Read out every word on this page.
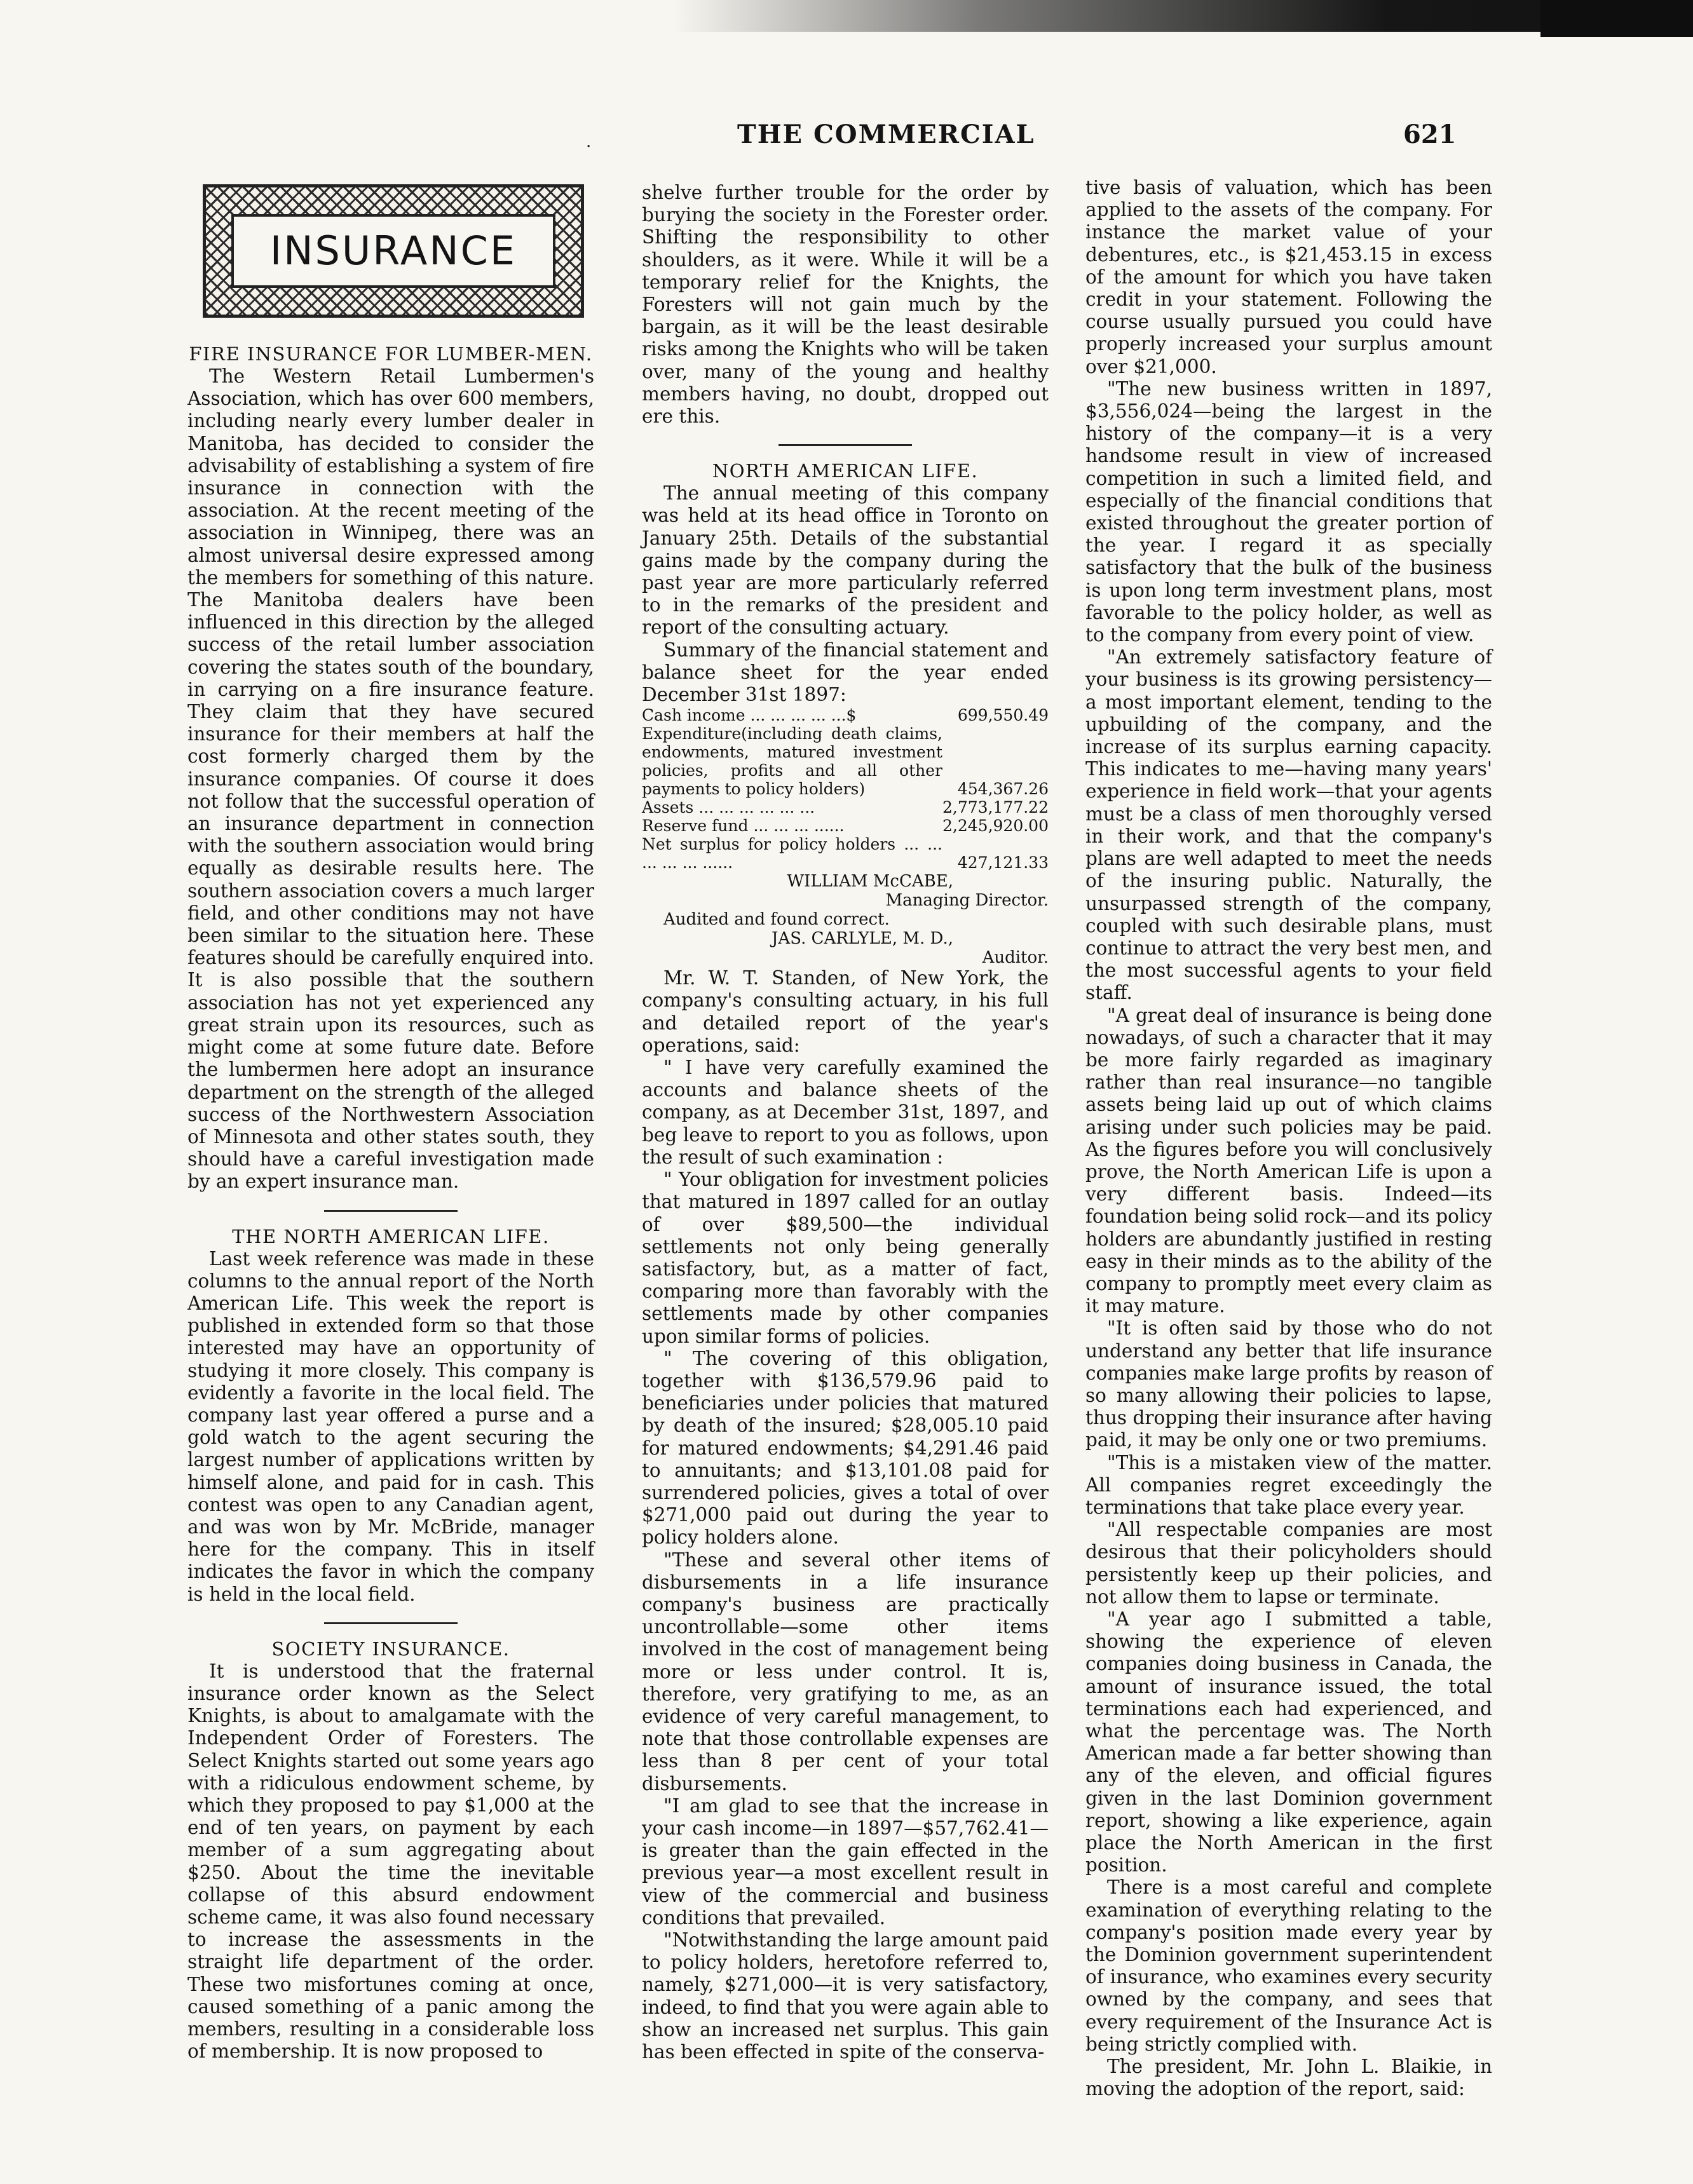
·	THE COMMERCIAL	621
INSURANCE
FIRE INSURANCE FOR LUMBER-MEN.

The Western Retail Lumbermen's Association, which has over 600 members, including nearly every lumber dealer in Manitoba, has decided to consider the advisability of establishing a system of fire insurance in connection with the association. At the recent meeting of the association in Winnipeg, there was an almost universal desire expressed among the members for something of this nature. The Manitoba dealers have been influenced in this direction by the alleged success of the retail lumber association covering the states south of the boundary, in carrying on a fire insurance feature. They claim that they have secured insurance for their members at half the cost formerly charged them by the insurance companies. Of course it does not follow that the successful operation of an insurance department in connection with the southern association would bring equally as desirable results here. The southern association covers a much larger field, and other conditions may not have been similar to the situation here. These features should be carefully enquired into. It is also possible that the southern association has not yet experienced any great strain upon its resources, such as might come at some future date. Before the lumbermen here adopt an insurance department on the strength of the alleged success of the Northwestern Association of Minnesota and other states south, they should have a careful investigation made by an expert insurance man.

THE NORTH AMERICAN LIFE.

Last week reference was made in these columns to the annual report of the North American Life. This week the report is published in extended form so that those interested may have an opportunity of studying it more closely. This company is evidently a favorite in the local field. The company last year offered a purse and a gold watch to the agent securing the largest number of applications written by himself alone, and paid for in cash. This contest was open to any Canadian agent, and was won by Mr. McBride, manager here for the company. This in itself indicates the favor in which the company is held in the local field.

SOCIETY INSURANCE.

It is understood that the fraternal insurance order known as the Select Knights, is about to amalgamate with the Independent Order of Foresters. The Select Knights started out some years ago with a ridiculous endowment scheme, by which they proposed to pay $1,000 at the end of ten years, on payment by each member of a sum aggregating about $250. About the time the inevitable collapse of this absurd endowment scheme came, it was also found necessary to increase the assessments in the straight life department of the order. These two misfortunes coming at once, caused something of a panic among the members, resulting in a considerable loss of membership. It is now proposed to

shelve further trouble for the order by burying the society in the Forester order. Shifting the responsibility to other shoulders, as it were. While it will be a temporary relief for the Knights, the Foresters will not gain much by the bargain, as it will be the least desirable risks among the Knights who will be taken over, many of the young and healthy members having, no doubt, dropped out ere this.

NORTH AMERICAN LIFE.

The annual meeting of this company was held at its head office in Toronto on January 25th. Details of the substantial gains made by the company during the past year are more particularly referred to in the remarks of the president and report of the consulting actuary.

Summary of the financial statement and balance sheet for the year ended December 31st 1897:

Cash income ... ... ... ... ...$	699,550.49
Expenditure(including death claims, endowments, matured investment policies, profits and all other payments to policy holders)	454,367.26
Assets ... ... ... ... ... ...	2,773,177.22
Reserve fund ... ... ... ......	2,245,920.00
Net surplus for policy holders ... ... ... ... ... ......	427,121.33
WILLIAM McCABE,
Managing Director.
Audited and found correct.
JAS. CARLYLE, M. D.,
Auditor.

Mr. W. T. Standen, of New York, the company's consulting actuary, in his full and detailed report of the year's operations, said:

" I have very carefully examined the accounts and balance sheets of the company, as at December 31st, 1897, and beg leave to report to you as follows, upon the result of such examination :

" Your obligation for investment policies that matured in 1897 called for an outlay of over $89,500—the individual settlements not only being generally satisfactory, but, as a matter of fact, comparing more than favorably with the settlements made by other companies upon similar forms of policies.

" The covering of this obligation, together with $136,579.96 paid to beneficiaries under policies that matured by death of the insured; $28,005.10 paid for matured endowments; $4,291.46 paid to annuitants; and $13,101.08 paid for surrendered policies, gives a total of over $271,000 paid out during the year to policy holders alone.

"These and several other items of disbursements in a life insurance company's business are practically uncontrollable—some other items involved in the cost of management being more or less under control. It is, therefore, very gratifying to me, as an evidence of very careful management, to note that those controllable expenses are less than 8 per cent of your total disbursements.

"I am glad to see that the increase in your cash income—in 1897—$57,762.41—is greater than the gain effected in the previous year—a most excellent result in view of the commercial and business conditions that prevailed.

"Notwithstanding the large amount paid to policy holders, heretofore referred to, namely, $271,000—it is very satisfactory, indeed, to find that you were again able to show an increased net surplus. This gain has been effected in spite of the conserva-

tive basis of valuation, which has been applied to the assets of the company. For instance the market value of your debentures, etc., is $21,453.15 in excess of the amount for which you have taken credit in your statement. Following the course usually pursued you could have properly increased your surplus amount over $21,000.

"The new business written in 1897, $3,556,024—being the largest in the history of the company—it is a very handsome result in view of increased competition in such a limited field, and especially of the financial conditions that existed throughout the greater portion of the year. I regard it as specially satisfactory that the bulk of the business is upon long term investment plans, most favorable to the policy holder, as well as to the company from every point of view.

"An extremely satisfactory feature of your business is its growing persistency—a most important element, tending to the upbuilding of the company, and the increase of its surplus earning capacity. This indicates to me—having many years' experience in field work—that your agents must be a class of men thoroughly versed in their work, and that the company's plans are well adapted to meet the needs of the insuring public. Naturally, the unsurpassed strength of the company, coupled with such desirable plans, must continue to attract the very best men, and the most successful agents to your field staff.

"A great deal of insurance is being done nowadays, of such a character that it may be more fairly regarded as imaginary rather than real insurance—no tangible assets being laid up out of which claims arising under such policies may be paid. As the figures before you will conclusively prove, the North American Life is upon a very different basis. Indeed—its foundation being solid rock—and its policy holders are abundantly justified in resting easy in their minds as to the ability of the company to promptly meet every claim as it may mature.

"It is often said by those who do not understand any better that life insurance companies make large profits by reason of so many allowing their policies to lapse, thus dropping their insurance after having paid, it may be only one or two premiums.

"This is a mistaken view of the matter. All companies regret exceedingly the terminations that take place every year.

"All respectable companies are most desirous that their policyholders should persistently keep up their policies, and not allow them to lapse or terminate.

"A year ago I submitted a table, showing the experience of eleven companies doing business in Canada, the amount of insurance issued, the total terminations each had experienced, and what the percentage was. The North American made a far better showing than any of the eleven, and official figures given in the last Dominion government report, showing a like experience, again place the North American in the first position.

There is a most careful and complete examination of everything relating to the company's position made every year by the Dominion government superintendent of insurance, who examines every security owned by the company, and sees that every requirement of the Insurance Act is being strictly complied with.

The president, Mr. John L. Blaikie, in moving the adoption of the report, said:
